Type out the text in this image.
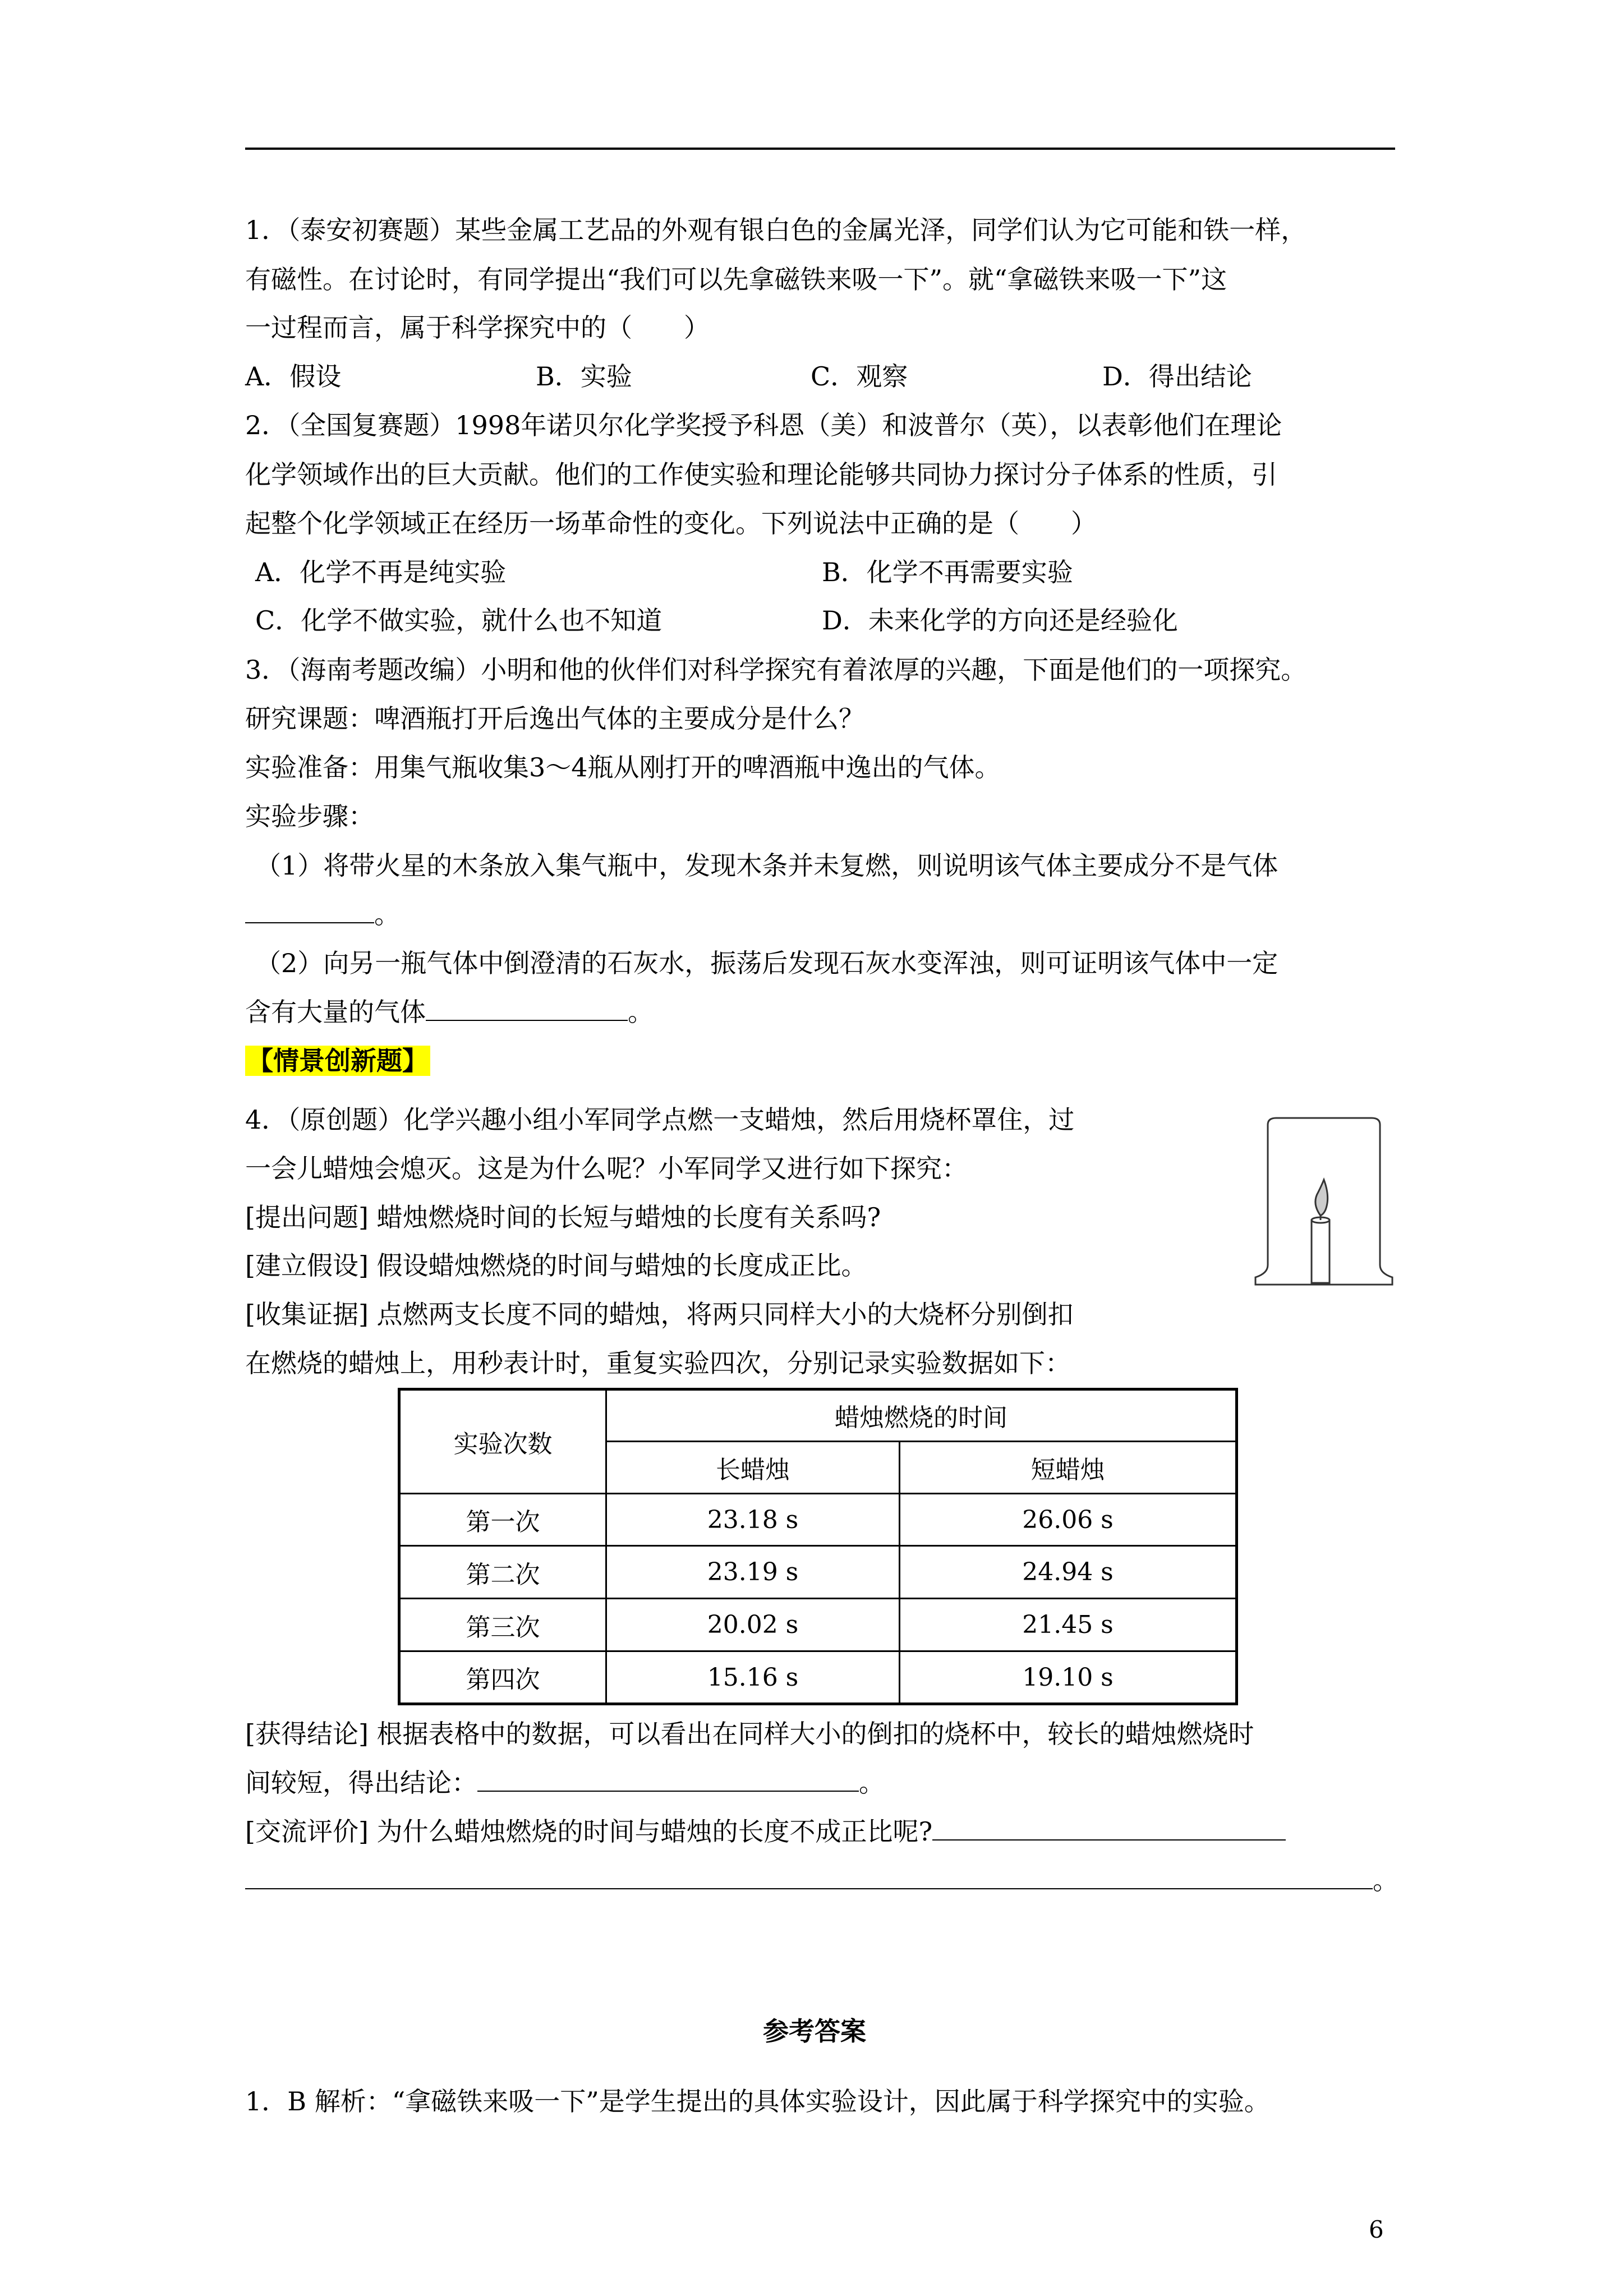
1．（泰安初赛题）某些金属工艺品的外观有银白色的金属光泽，同学们认为它可能和铁一样，
有磁性。在讨论时，有同学提出“我们可以先拿磁铁来吸一下”。就“拿磁铁来吸一下”这
一过程而言，属于科学探究中的（　　）
A．假设	B．实验	C．观察	D．得出结论
2．（全国复赛题）1998年诺贝尔化学奖授予科恩（美）和波普尔（英），以表彰他们在理论
化学领域作出的巨大贡献。他们的工作使实验和理论能够共同协力探讨分子体系的性质，引
起整个化学领域正在经历一场革命性的变化。下列说法中正确的是（　　）
A．化学不再是纯实验	B．化学不再需要实验
C．化学不做实验，就什么也不知道	D．未来化学的方向还是经验化
3．（海南考题改编）小明和他的伙伴们对科学探究有着浓厚的兴趣，下面是他们的一项探究。
研究课题：啤酒瓶打开后逸出气体的主要成分是什么？
实验准备：用集气瓶收集3～4瓶从刚打开的啤酒瓶中逸出的气体。
实验步骤：
（1）将带火星的木条放入集气瓶中，发现木条并未复燃，则说明该气体主要成分不是气体
。
（2）向另一瓶气体中倒澄清的石灰水，振荡后发现石灰水变浑浊，则可证明该气体中一定
含有大量的气体	。
【情景创新题】
4．（原创题）化学兴趣小组小军同学点燃一支蜡烛，然后用烧杯罩住，过
一会儿蜡烛会熄灭。这是为什么呢？小军同学又进行如下探究：
[提出问题] 蜡烛燃烧时间的长短与蜡烛的长度有关系吗?
[建立假设] 假设蜡烛燃烧的时间与蜡烛的长度成正比。
[收集证据] 点燃两支长度不同的蜡烛，将两只同样大小的大烧杯分别倒扣
在燃烧的蜡烛上，用秒表计时，重复实验四次，分别记录实验数据如下：
实验次数	蜡烛燃烧的时间	
	长蜡烛	短蜡烛
第一次	23.18 s	26.06 s
第二次	23.19 s	24.94 s
第三次	20.02 s	21.45 s
第四次	15.16 s	19.10 s
[获得结论] 根据表格中的数据，可以看出在同样大小的倒扣的烧杯中，较长的蜡烛燃烧时
间较短，得出结论：	。
[交流评价] 为什么蜡烛燃烧的时间与蜡烛的长度不成正比呢?
。
参考答案
1．B 解析：“拿磁铁来吸一下”是学生提出的具体实验设计，因此属于科学探究中的实验。
6
